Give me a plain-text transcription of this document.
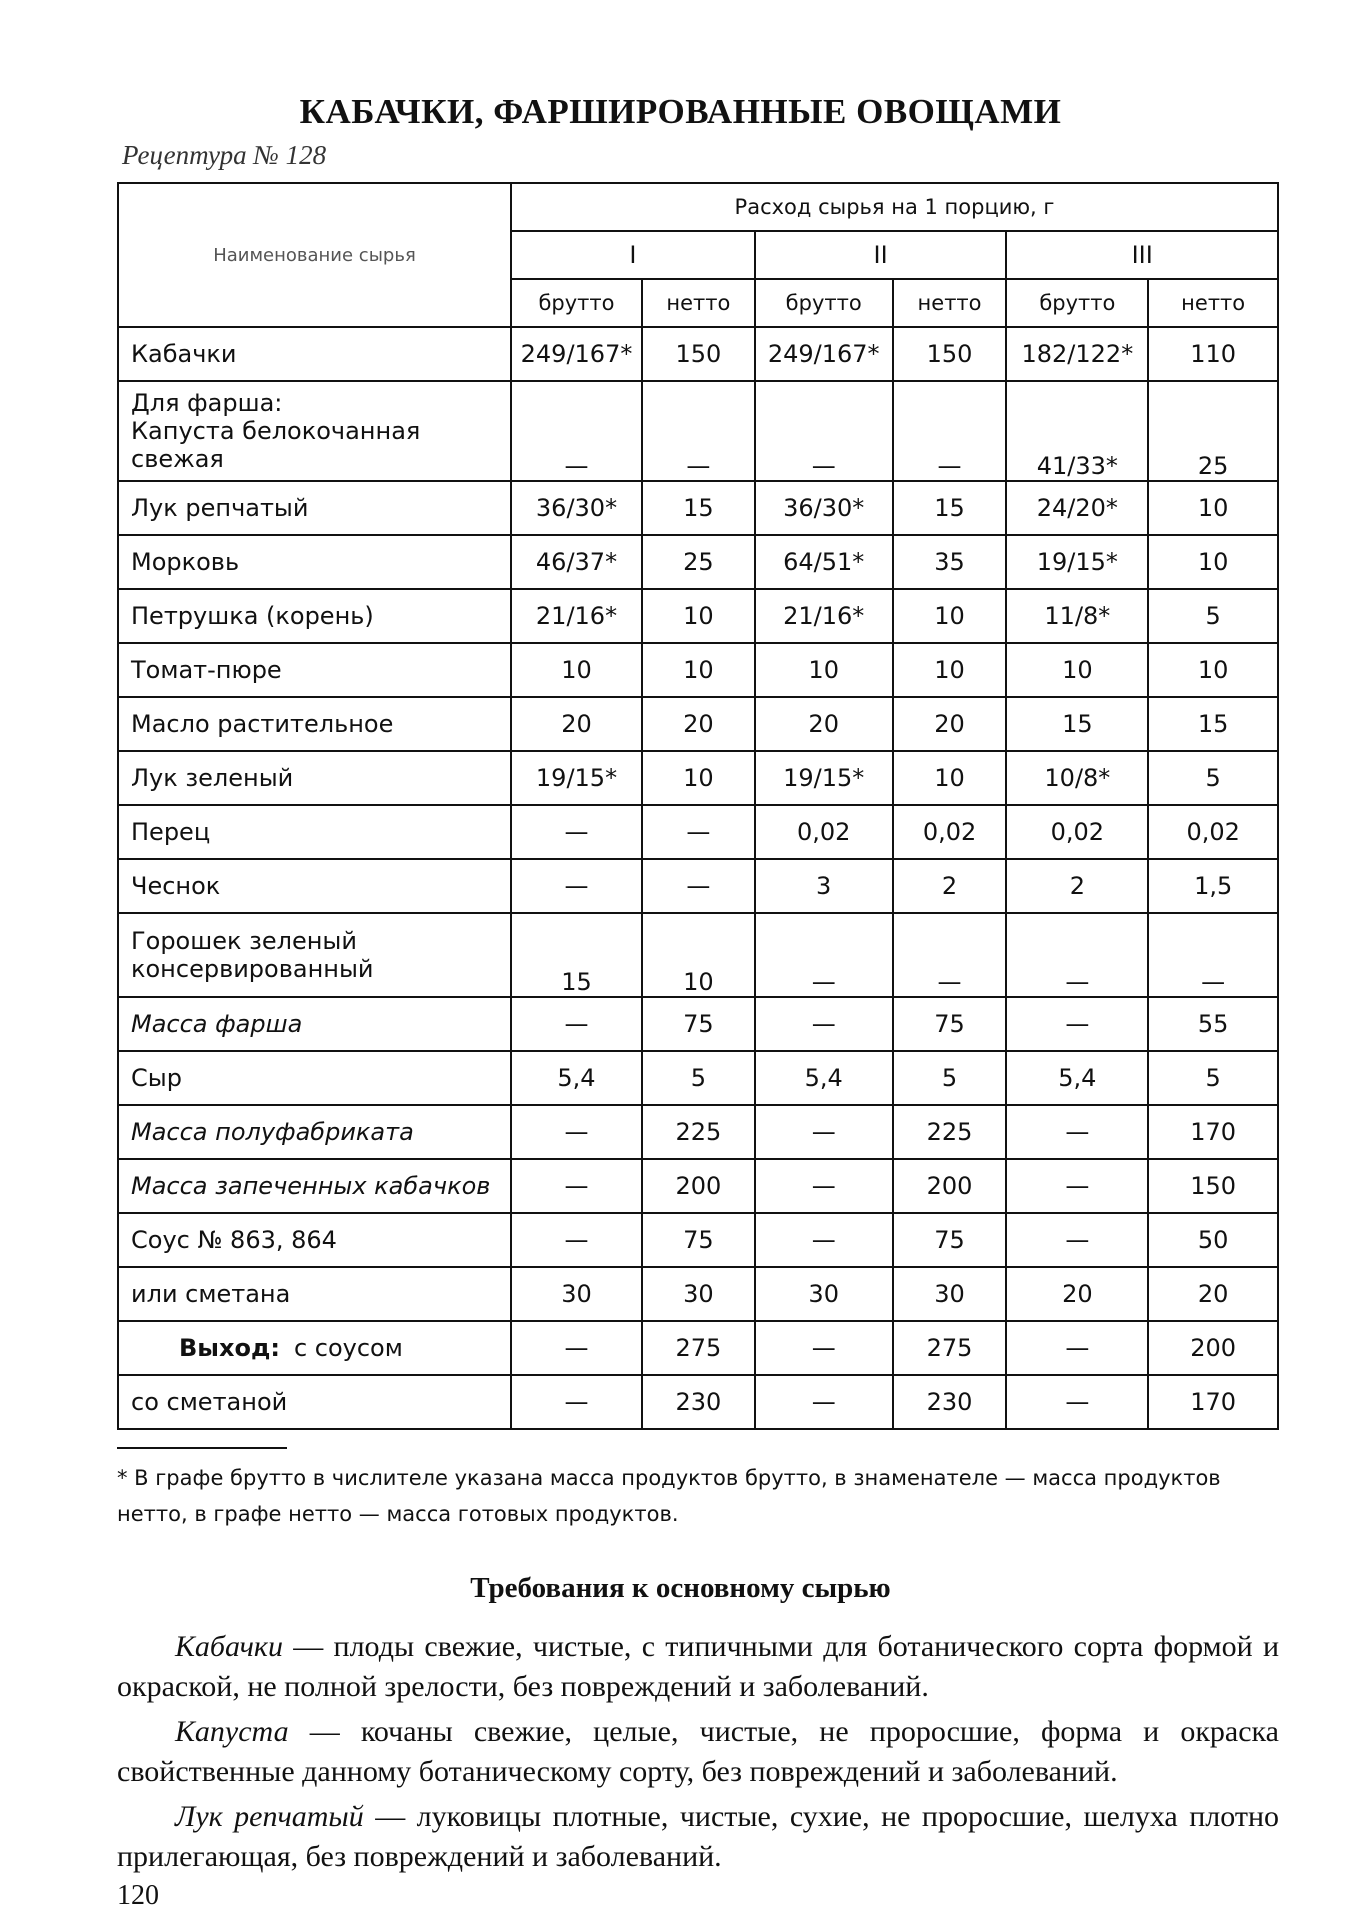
КАБАЧКИ, ФАРШИРОВАННЫЕ ОВОЩАМИ
Рецептура № 128
Наименование сырья	Расход сырья на 1 порцию, г					
	I		II		III	
	брутто	нетто	брутто	нетто	брутто	нетто
Кабачки	249/167*	150	249/167*	150	182/122*	110
Для фарша:
Капуста белокочанная свежая	—	—	—	—	41/33*	25
Лук репчатый	36/30*	15	36/30*	15	24/20*	10
Морковь	46/37*	25	64/51*	35	19/15*	10
Петрушка (корень)	21/16*	10	21/16*	10	11/8*	5
Томат-пюре	10	10	10	10	10	10
Масло растительное	20	20	20	20	15	15
Лук зеленый	19/15*	10	19/15*	10	10/8*	5
Перец	—	—	0,02	0,02	0,02	0,02
Чеснок	—	—	3	2	2	1,5
Горошек зеленый
консервированный	15	10	—	—	—	—
Масса фарша	—	75	—	75	—	55
Сыр	5,4	5	5,4	5	5,4	5
Масса полуфабриката	—	225	—	225	—	170
Масса запеченных кабачков	—	200	—	200	—	150
Соус № 863, 864	—	75	—	75	—	50
или сметана	30	30	30	30	20	20
Выход: с соусом	—	275	—	275	—	200
со сметаной	—	230	—	230	—	170
* В графе брутто в числителе указана масса продуктов брутто, в знаменателе — масса продуктов нетто, в графе нетто — масса готовых продуктов.
Требования к основному сырью
Кабачки — плоды свежие, чистые, с типичными для ботанического сорта формой и окраской, не полной зрелости, без повреждений и заболеваний.
Капуста — кочаны свежие, целые, чистые, не проросшие, форма и окраска свойственные данному ботаническому сорту, без повреждений и заболеваний.
Лук репчатый — луковицы плотные, чистые, сухие, не проросшие, шелуха плотно прилегающая, без повреждений и заболеваний.
120
